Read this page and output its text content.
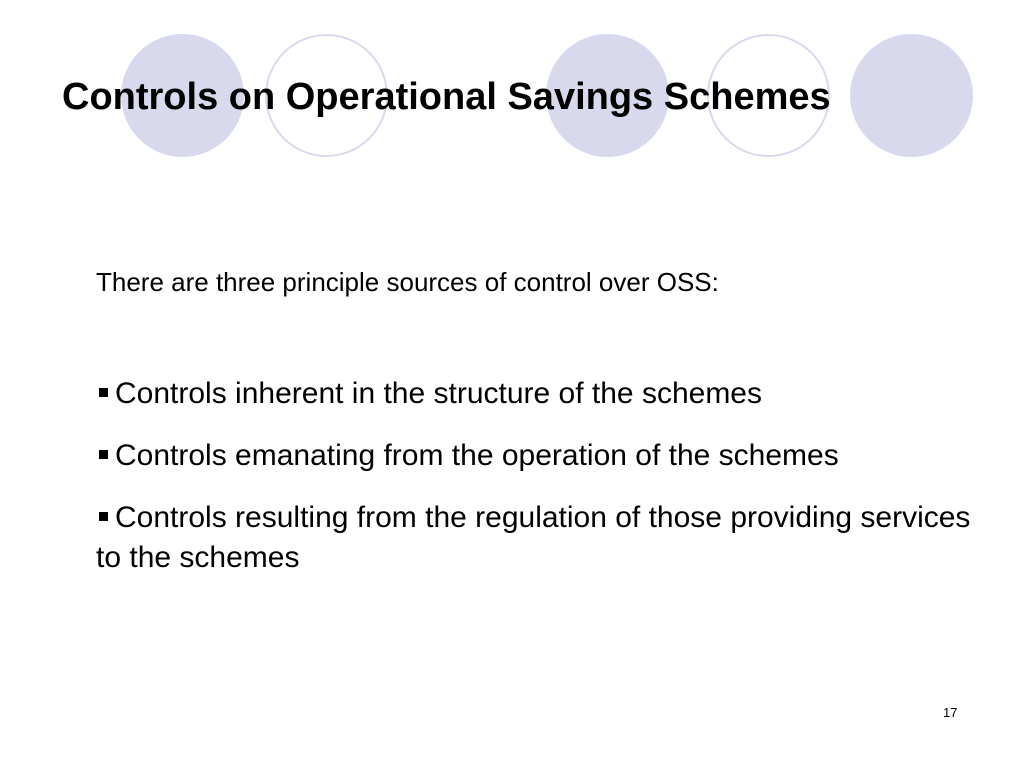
Controls on Operational Savings Schemes

There are three principle sources of control over OSS:

Controls inherent in the structure of the schemes
Controls emanating from the operation of the schemes
Controls resulting from the regulation of those providing services to the schemes
17
